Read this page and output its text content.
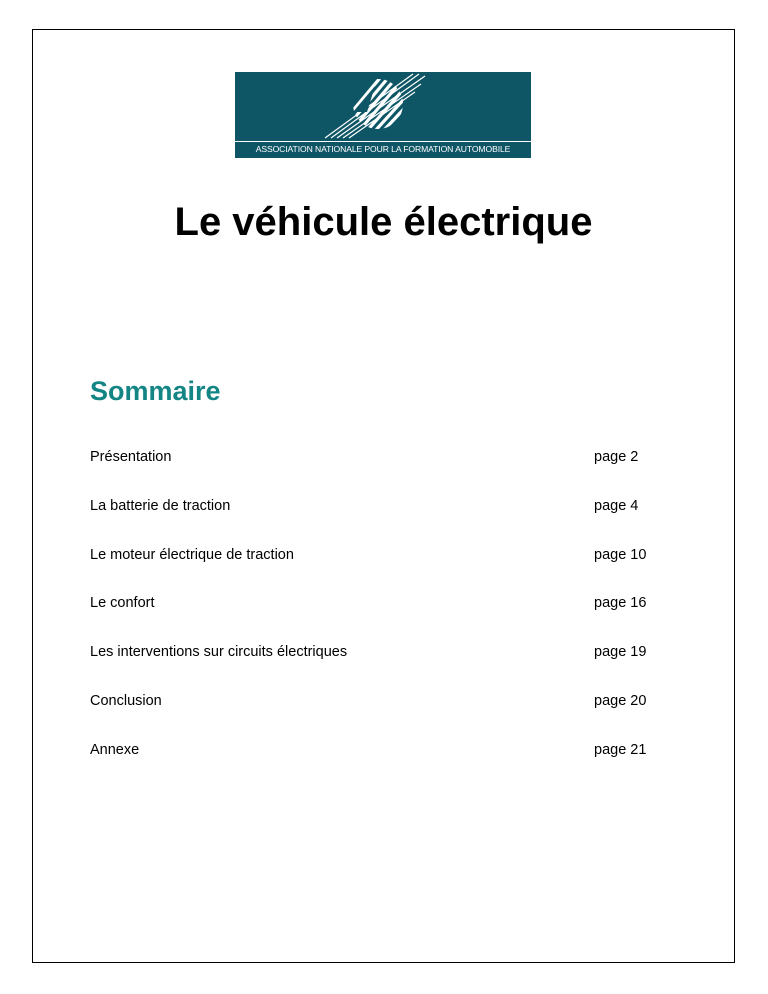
ASSOCIATION NATIONALE POUR LA FORMATION AUTOMOBILE
Le véhicule électrique
Sommaire
Présentation	page 2
La batterie de traction	page 4
Le moteur électrique de traction	page 10
Le confort	page 16
Les interventions sur circuits électriques	page 19
Conclusion	page 20
Annexe	page 21
